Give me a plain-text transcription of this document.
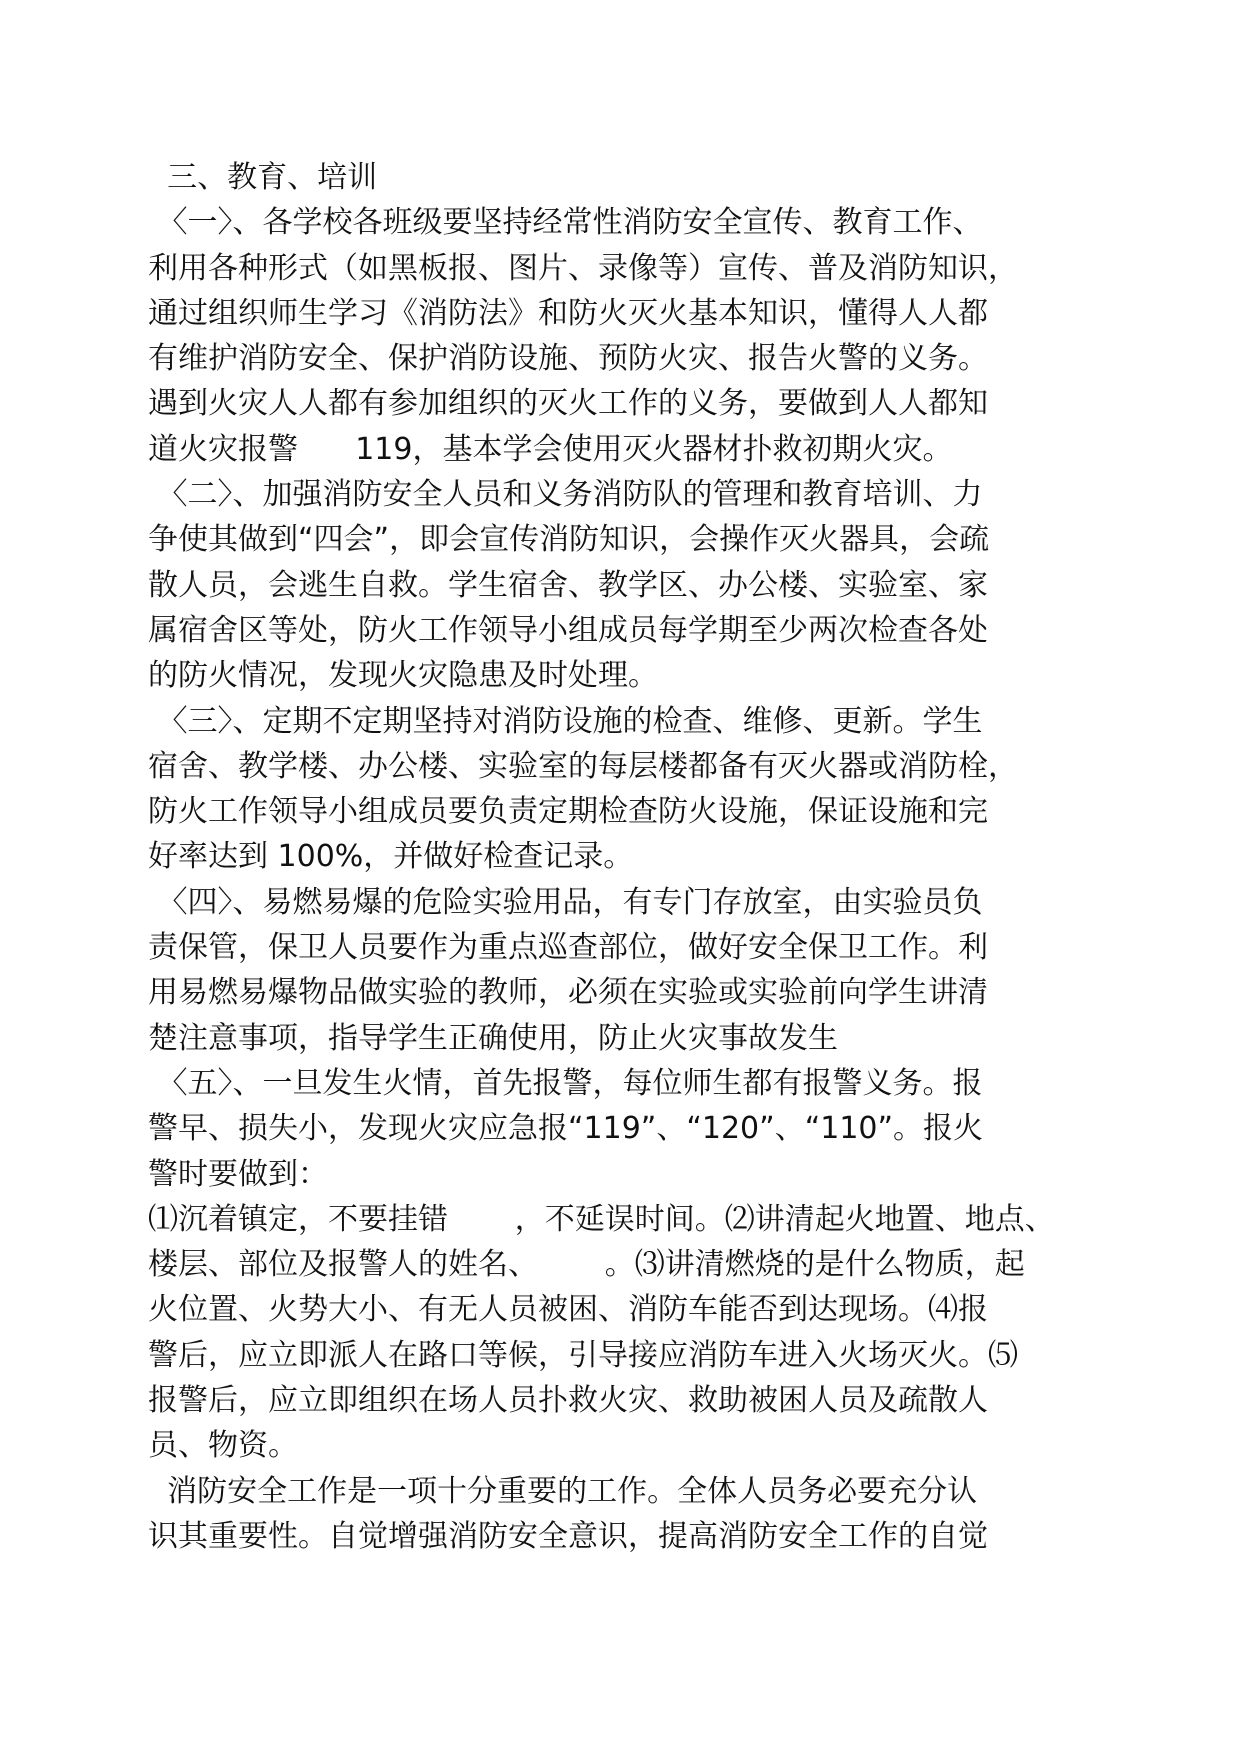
三、教育、培训
〈一〉、各学校各班级要坚持经常性消防安全宣传、教育工作、
利用各种形式（如黑板报、图片、录像等）宣传、普及消防知识，
通过组织师生学习《消防法》和防火灭火基本知识，懂得人人都
有维护消防安全、保护消防设施、预防火灾、报告火警的义务。
遇到火灾人人都有参加组织的灭火工作的义务，要做到人人都知
道火灾报警      119，基本学会使用灭火器材扑救初期火灾。
〈二〉、加强消防安全人员和义务消防队的管理和教育培训、力
争使其做到“四会”，即会宣传消防知识，会操作灭火器具，会疏
散人员，会逃生自救。学生宿舍、教学区、办公楼、实验室、家
属宿舍区等处，防火工作领导小组成员每学期至少两次检查各处
的防火情况，发现火灾隐患及时处理。
〈三〉、定期不定期坚持对消防设施的检查、维修、更新。学生
宿舍、教学楼、办公楼、实验室的每层楼都备有灭火器或消防栓，
防火工作领导小组成员要负责定期检查防火设施，保证设施和完
好率达到 100%，并做好检查记录。
〈四〉、易燃易爆的危险实验用品，有专门存放室，由实验员负
责保管，保卫人员要作为重点巡查部位，做好安全保卫工作。利
用易燃易爆物品做实验的教师，必须在实验或实验前向学生讲清
楚注意事项，指导学生正确使用，防止火灾事故发生
〈五〉、一旦发生火情，首先报警，每位师生都有报警义务。报
警早、损失小，发现火灾应急报“119”、“120”、“110”。报火
警时要做到：
⑴沉着镇定，不要挂错       ，不延误时间。⑵讲清起火地置、地点、
楼层、部位及报警人的姓名、       。⑶讲清燃烧的是什么物质，起
火位置、火势大小、有无人员被困、消防车能否到达现场。⑷报
警后，应立即派人在路口等候，引导接应消防车进入火场灭火。⑸
报警后，应立即组织在场人员扑救火灾、救助被困人员及疏散人
员、物资。
消防安全工作是一项十分重要的工作。全体人员务必要充分认
识其重要性。自觉增强消防安全意识，提高消防安全工作的自觉
